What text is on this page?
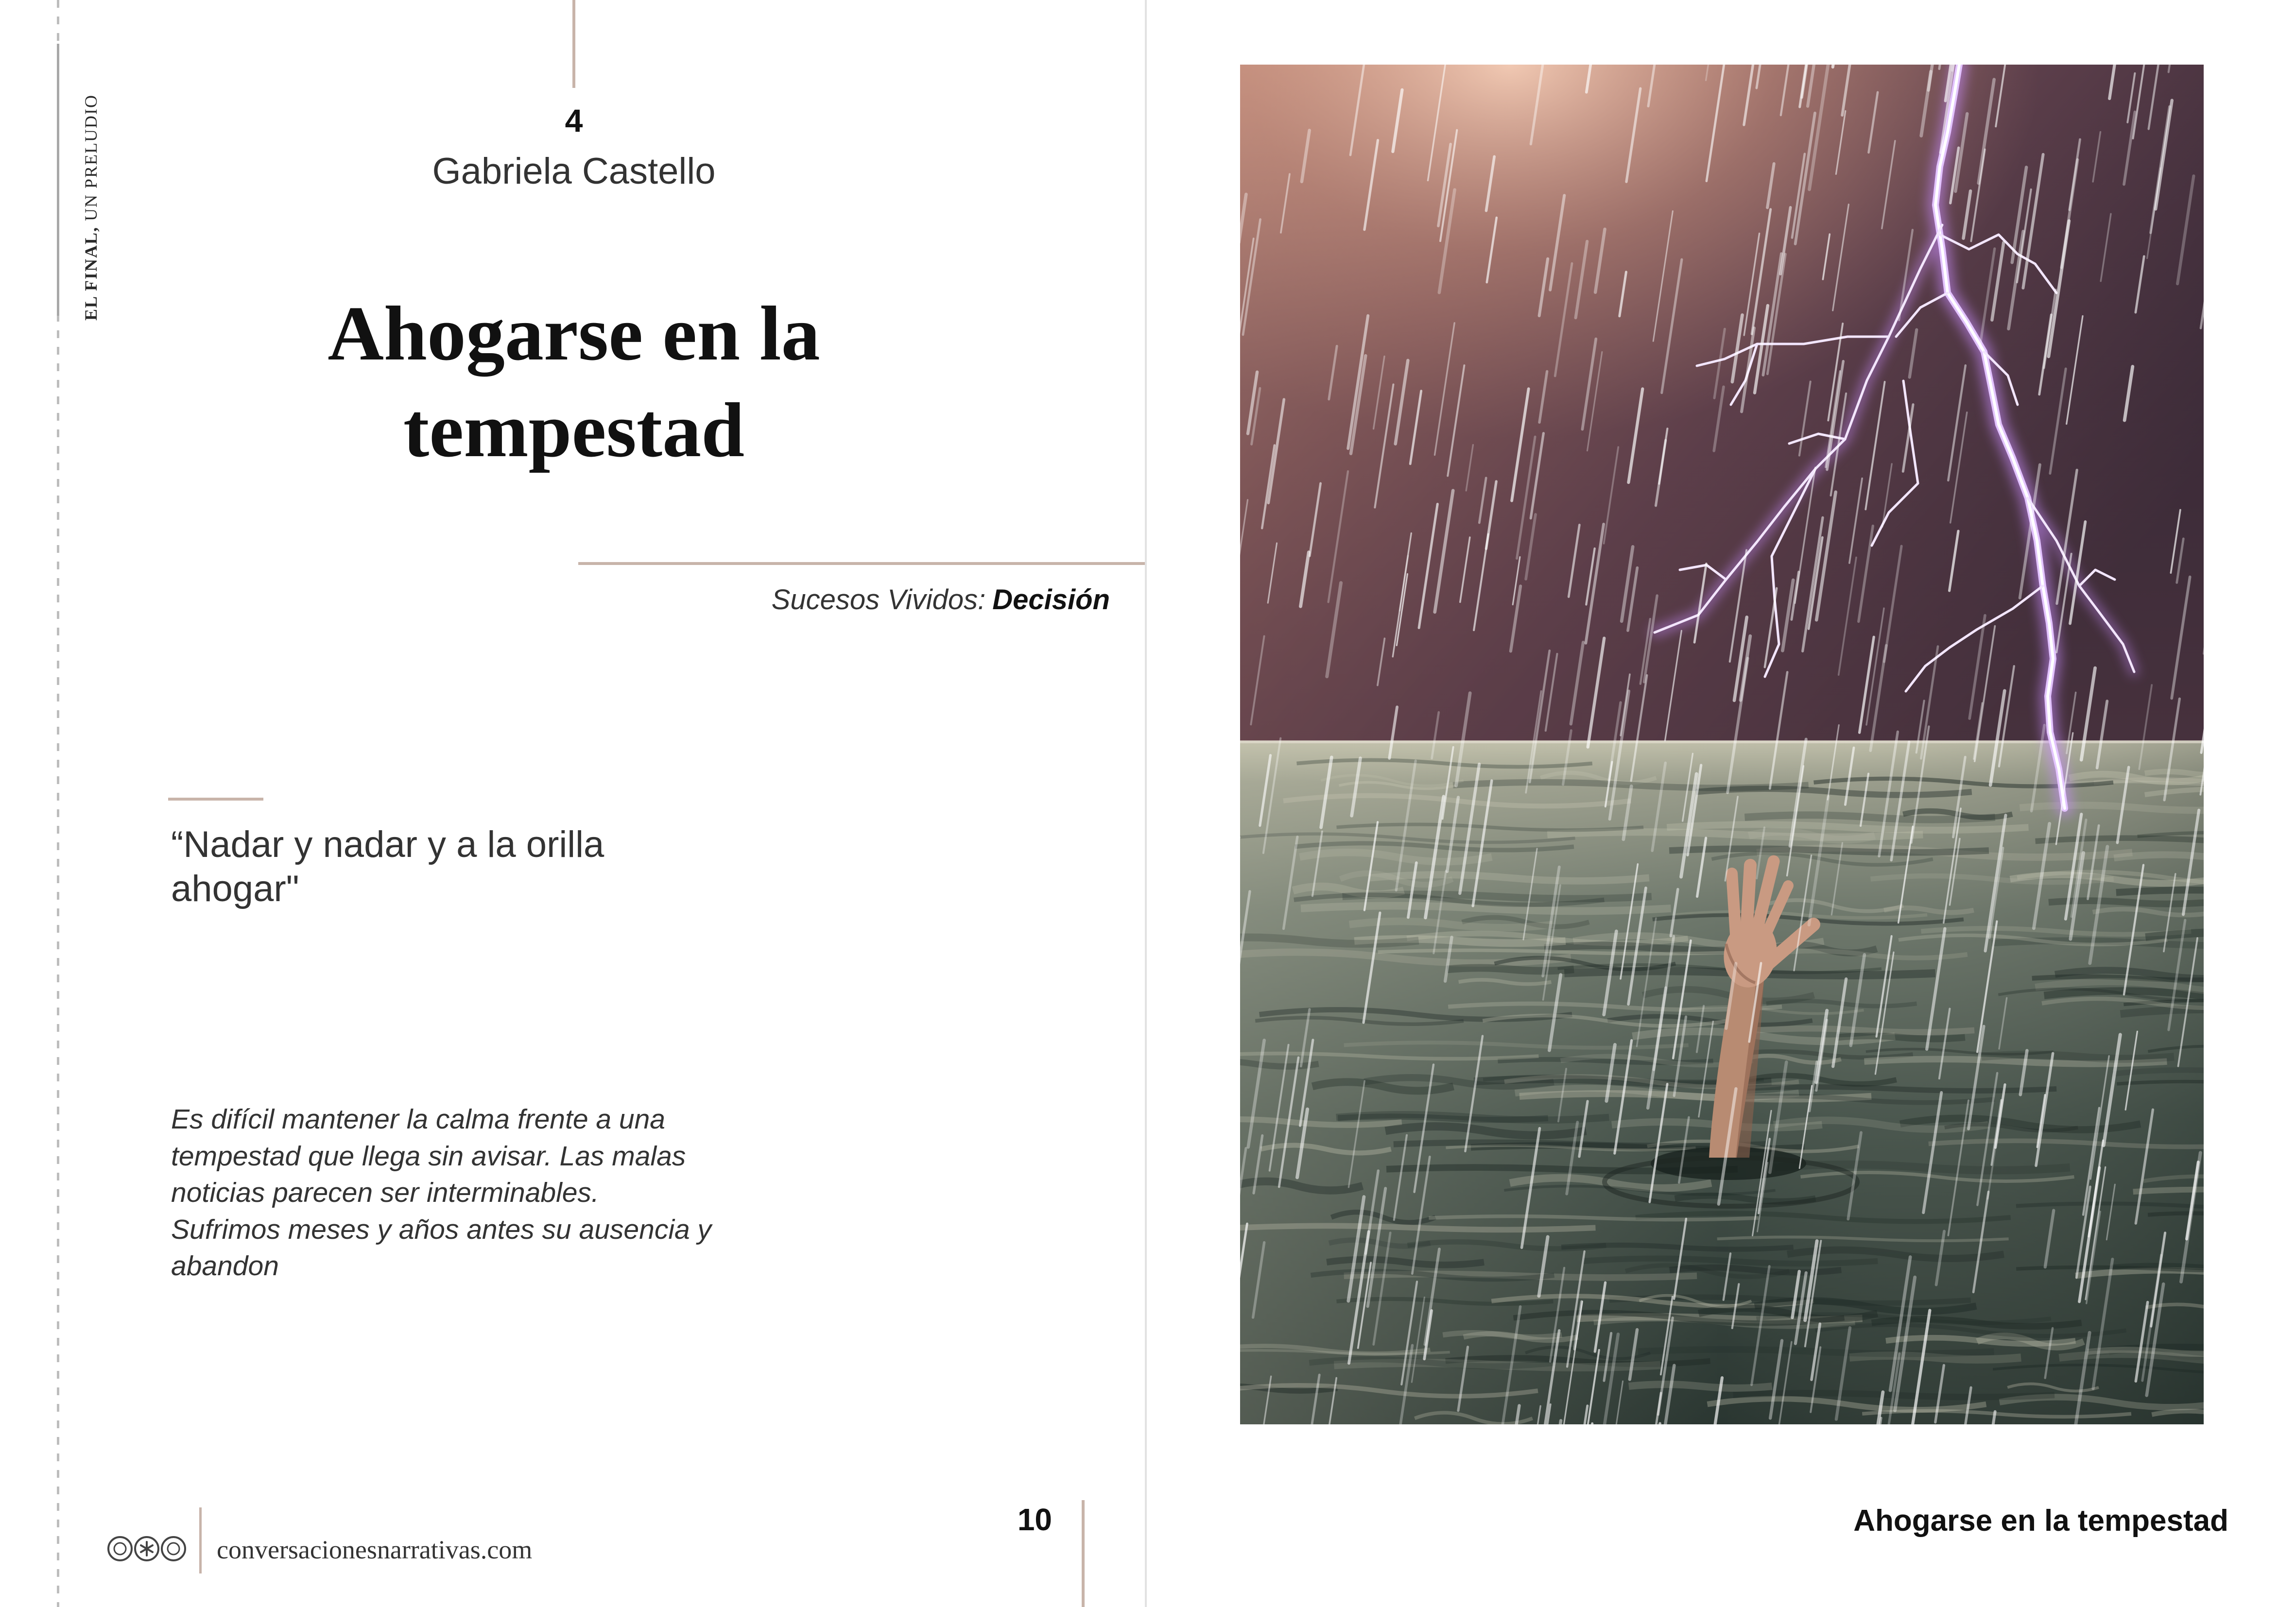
EL FINAL, UN PRELUDIO	4
Gabriela Castello
Ahogarse en la
tempestad
Sucesos Vividos: Decisión
“Nadar y nadar y a la orilla
ahogar"
Es difícil mantener la calma frente a una
tempestad que llega sin avisar. Las malas
noticias parecen ser interminables.
Sufrimos meses y años antes su ausencia y
abandon
conversacionesnarrativas.com
10	Ahogarse en la tempestad
